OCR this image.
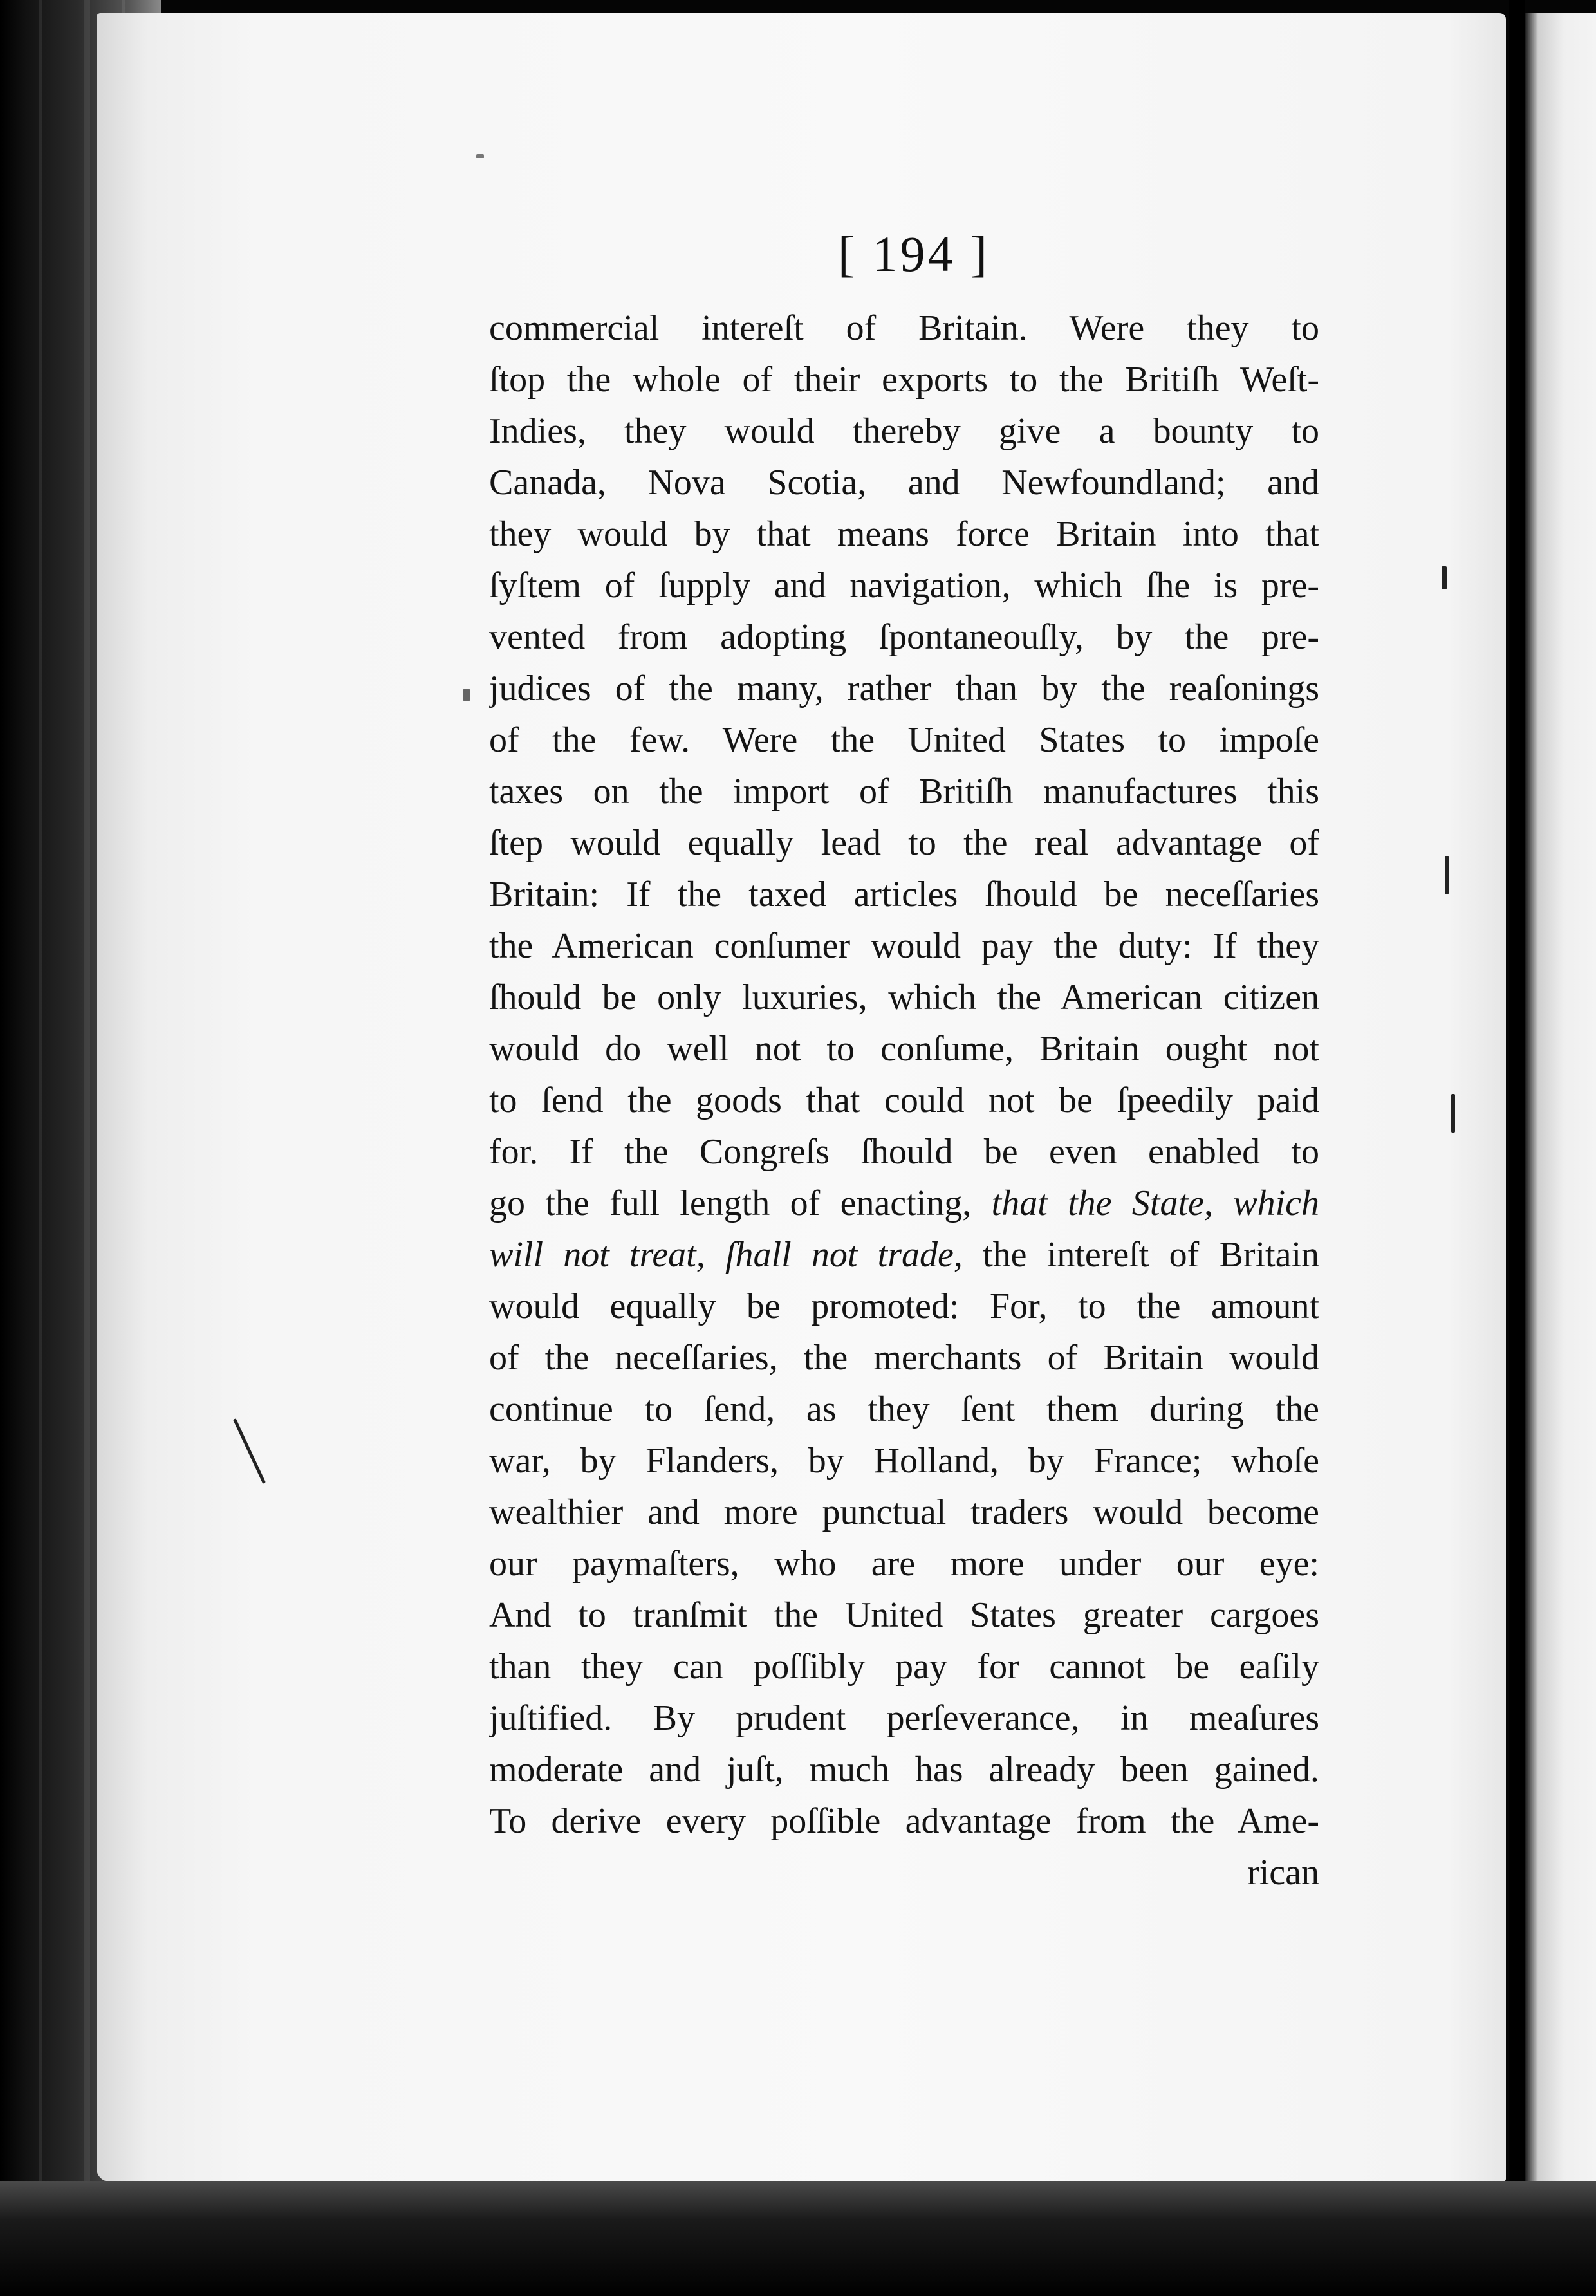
[ 194 ]
commercial intereſt of Britain. Were they to
ſtop the whole of their exports to the Britiſh Weſt-
Indies, they would thereby give a bounty to
Canada, Nova Scotia, and Newfoundland; and
they would by that means force Britain into that
ſyſtem of ſupply and navigation, which ſhe is pre-
vented from adopting ſpontaneouſly, by the pre-
judices of the many, rather than by the reaſonings
of the few. Were the United States to impoſe
taxes on the import of Britiſh manufactures this
ſtep would equally lead to the real advantage of
Britain: If the taxed articles ſhould be neceſſaries
the American conſumer would pay the duty: If they
ſhould be only luxuries, which the American citizen
would do well not to conſume, Britain ought not
to ſend the goods that could not be ſpeedily paid
for. If the Congreſs ſhould be even enabled to
go the full length of enacting, that the State, which
will not treat, ſhall not trade, the intereſt of Britain
would equally be promoted: For, to the amount
of the neceſſaries, the merchants of Britain would
continue to ſend, as they ſent them during the
war, by Flanders, by Holland, by France; whoſe
wealthier and more punctual traders would become
our paymaſters, who are more under our eye:
And to tranſmit the United States greater cargoes
than they can poſſibly pay for cannot be eaſily
juſtified. By prudent perſeverance, in meaſures
moderate and juſt, much has already been gained.
To derive every poſſible advantage from the Ame-
rican
